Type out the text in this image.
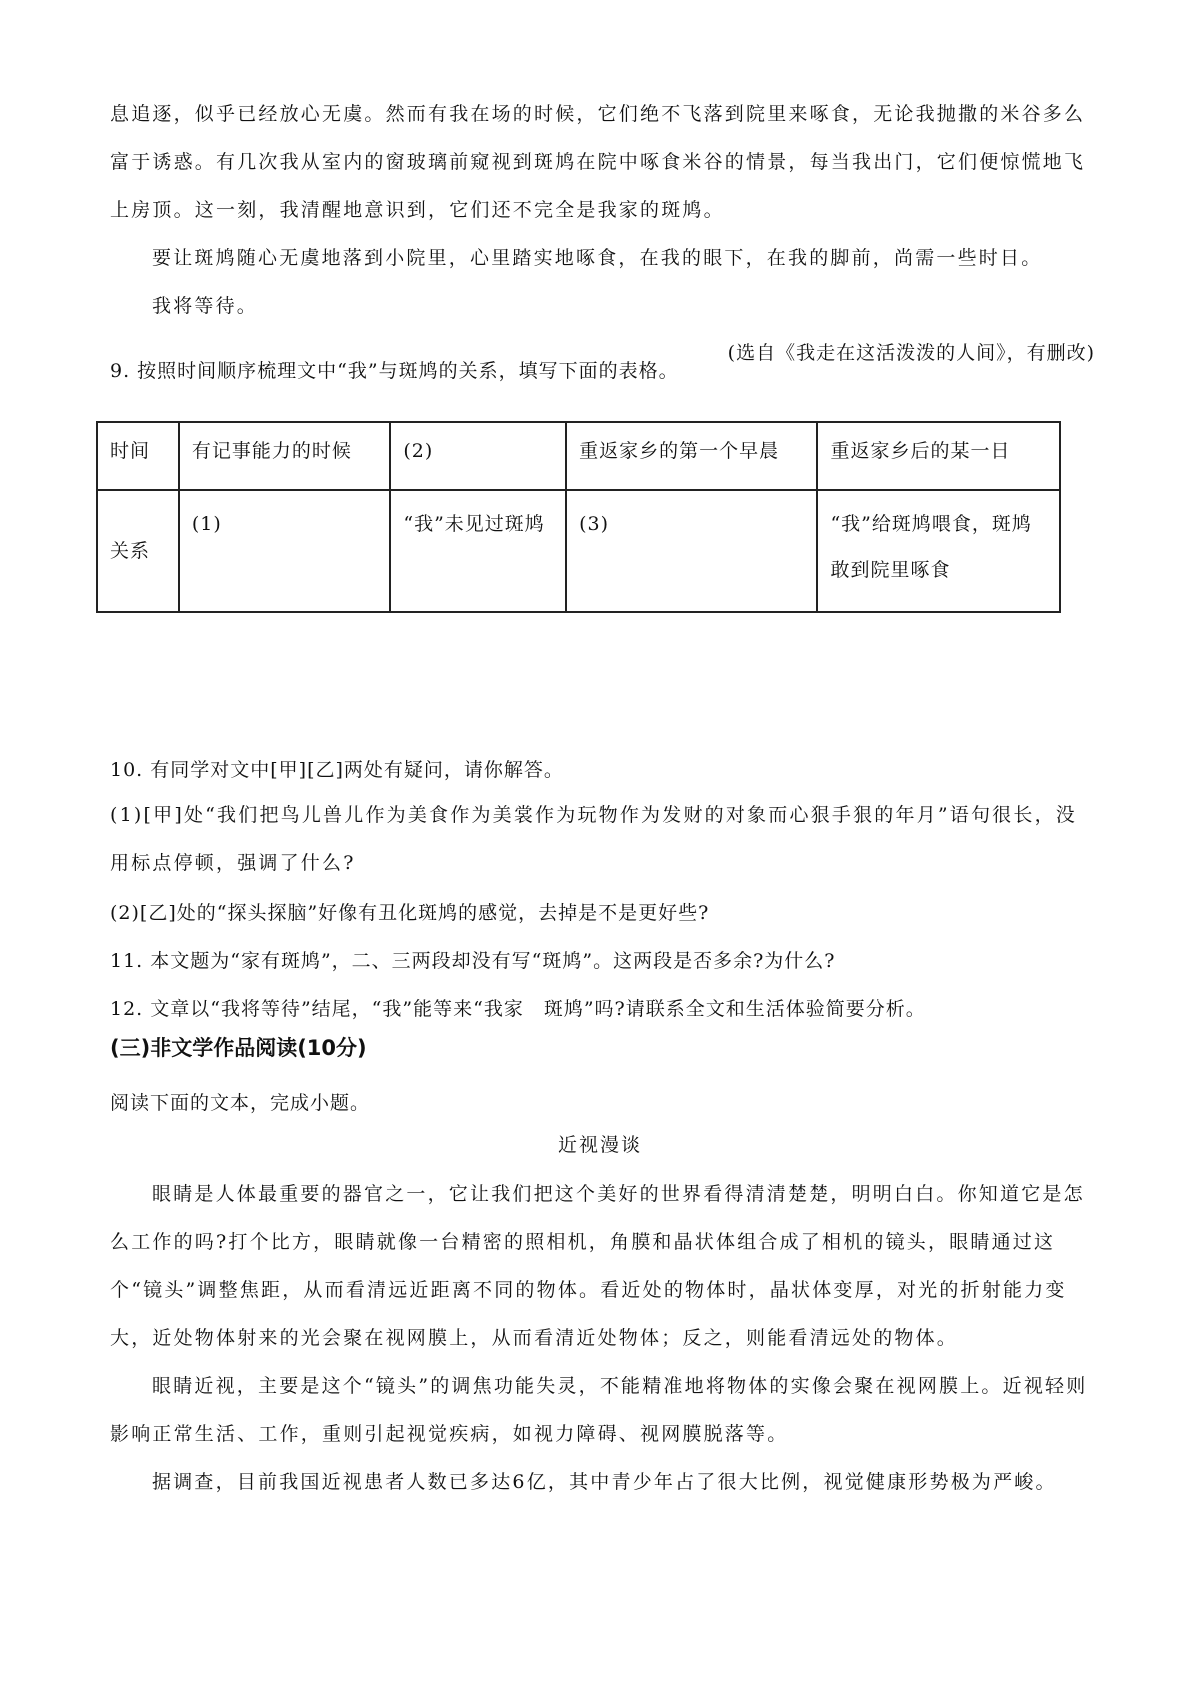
息追逐，似乎已经放心无虞。然而有我在场的时候，它们绝不飞落到院里来啄食，无论我抛撒的米谷多么富于诱惑。有几次我从室内的窗玻璃前窥视到斑鸠在院中啄食米谷的情景，每当我出门，它们便惊慌地飞上房顶。这一刻，我清醒地意识到，它们还不完全是我家的斑鸠。

要让斑鸠随心无虞地落到小院里，心里踏实地啄食，在我的眼下，在我的脚前，尚需一些时日。

我将等待。

(选自《我走在这活泼泼的人间》，有删改)

9. 按照时间顺序梳理文中“我”与斑鸠的关系，填写下面的表格。

时间	有记事能力的时候	(2)	重返家乡的第一个早晨	重返家乡后的某一日
关系	(1)	“我”未见过斑鸠	(3)	“我”给斑鸠喂食，斑鸠敢到院里啄食

10. 有同学对文中[甲][乙]两处有疑问，请你解答。

(1)[甲]处“我们把鸟儿兽儿作为美食作为美裳作为玩物作为发财的对象而心狠手狠的年月”语句很长，没用标点停顿，强调了什么?

(2)[乙]处的“探头探脑”好像有丑化斑鸠的感觉，去掉是不是更好些?

11. 本文题为“家有斑鸠”，二、三两段却没有写“斑鸠”。这两段是否多余?为什么?

12. 文章以“我将等待”结尾，“我”能等来“我家　斑鸠”吗?请联系全文和生活体验简要分析。

(三)非文学作品阅读(10分)

阅读下面的文本，完成小题。

近视漫谈

眼睛是人体最重要的器官之一，它让我们把这个美好的世界看得清清楚楚，明明白白。你知道它是怎么工作的吗?打个比方，眼睛就像一台精密的照相机，角膜和晶状体组合成了相机的镜头，眼睛通过这个“镜头”调整焦距，从而看清远近距离不同的物体。看近处的物体时，晶状体变厚，对光的折射能力变大，近处物体射来的光会聚在视网膜上，从而看清近处物体；反之，则能看清远处的物体。

眼睛近视，主要是这个“镜头”的调焦功能失灵，不能精准地将物体的实像会聚在视网膜上。近视轻则影响正常生活、工作，重则引起视觉疾病，如视力障碍、视网膜脱落等。

据调查，目前我国近视患者人数已多达6亿，其中青少年占了很大比例，视觉健康形势极为严峻。
